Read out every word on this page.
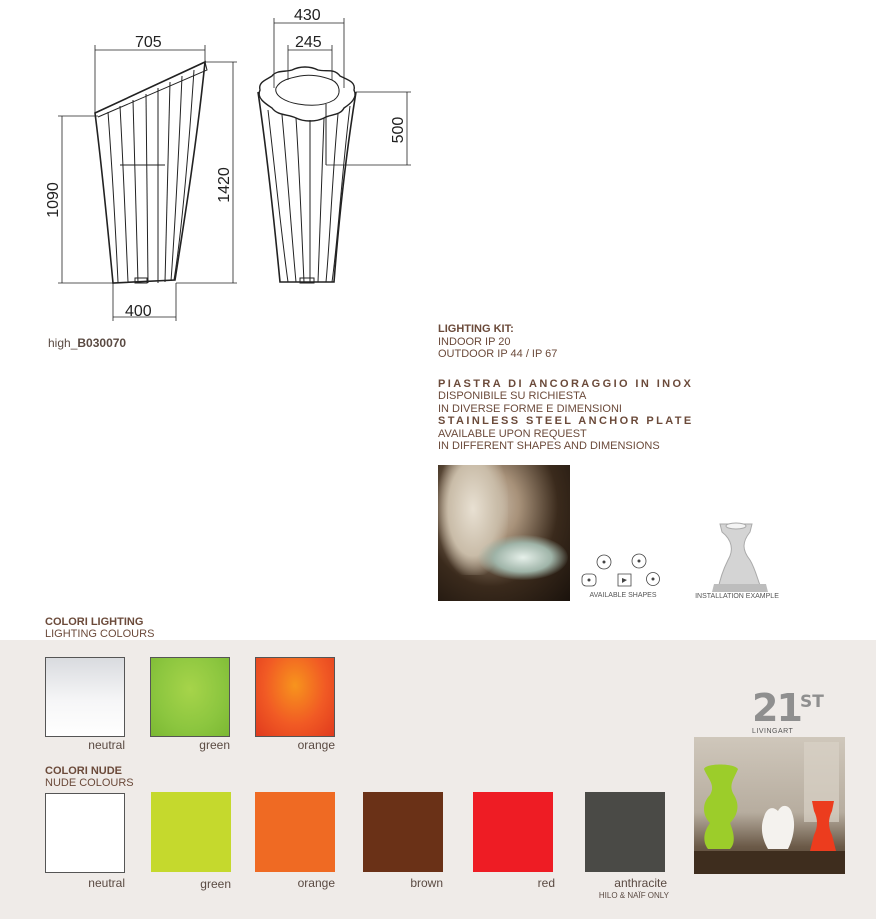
705
1090	1420
400
430
245
500
high_B030070
LIGHTING KIT:
INDOOR IP 20
OUTDOOR IP 44 / IP 67
PIASTRA DI ANCORAGGIO IN INOX
DISPONIBILE SU RICHIESTA
IN DIVERSE FORME E DIMENSIONI
STAINLESS STEEL ANCHOR PLATE
AVAILABLE UPON REQUEST
IN DIFFERENT SHAPES AND DIMENSIONS
AVAILABLE SHAPES	INSTALLATION EXAMPLE
COLORI LIGHTING
LIGHTING COLOURS
neutral	green	orange
COLORI NUDE
NUDE COLOURS
neutral	green	orange	brown	red	anthracite
HILO & NAÏF ONLY
21 ST
LIVINGART
